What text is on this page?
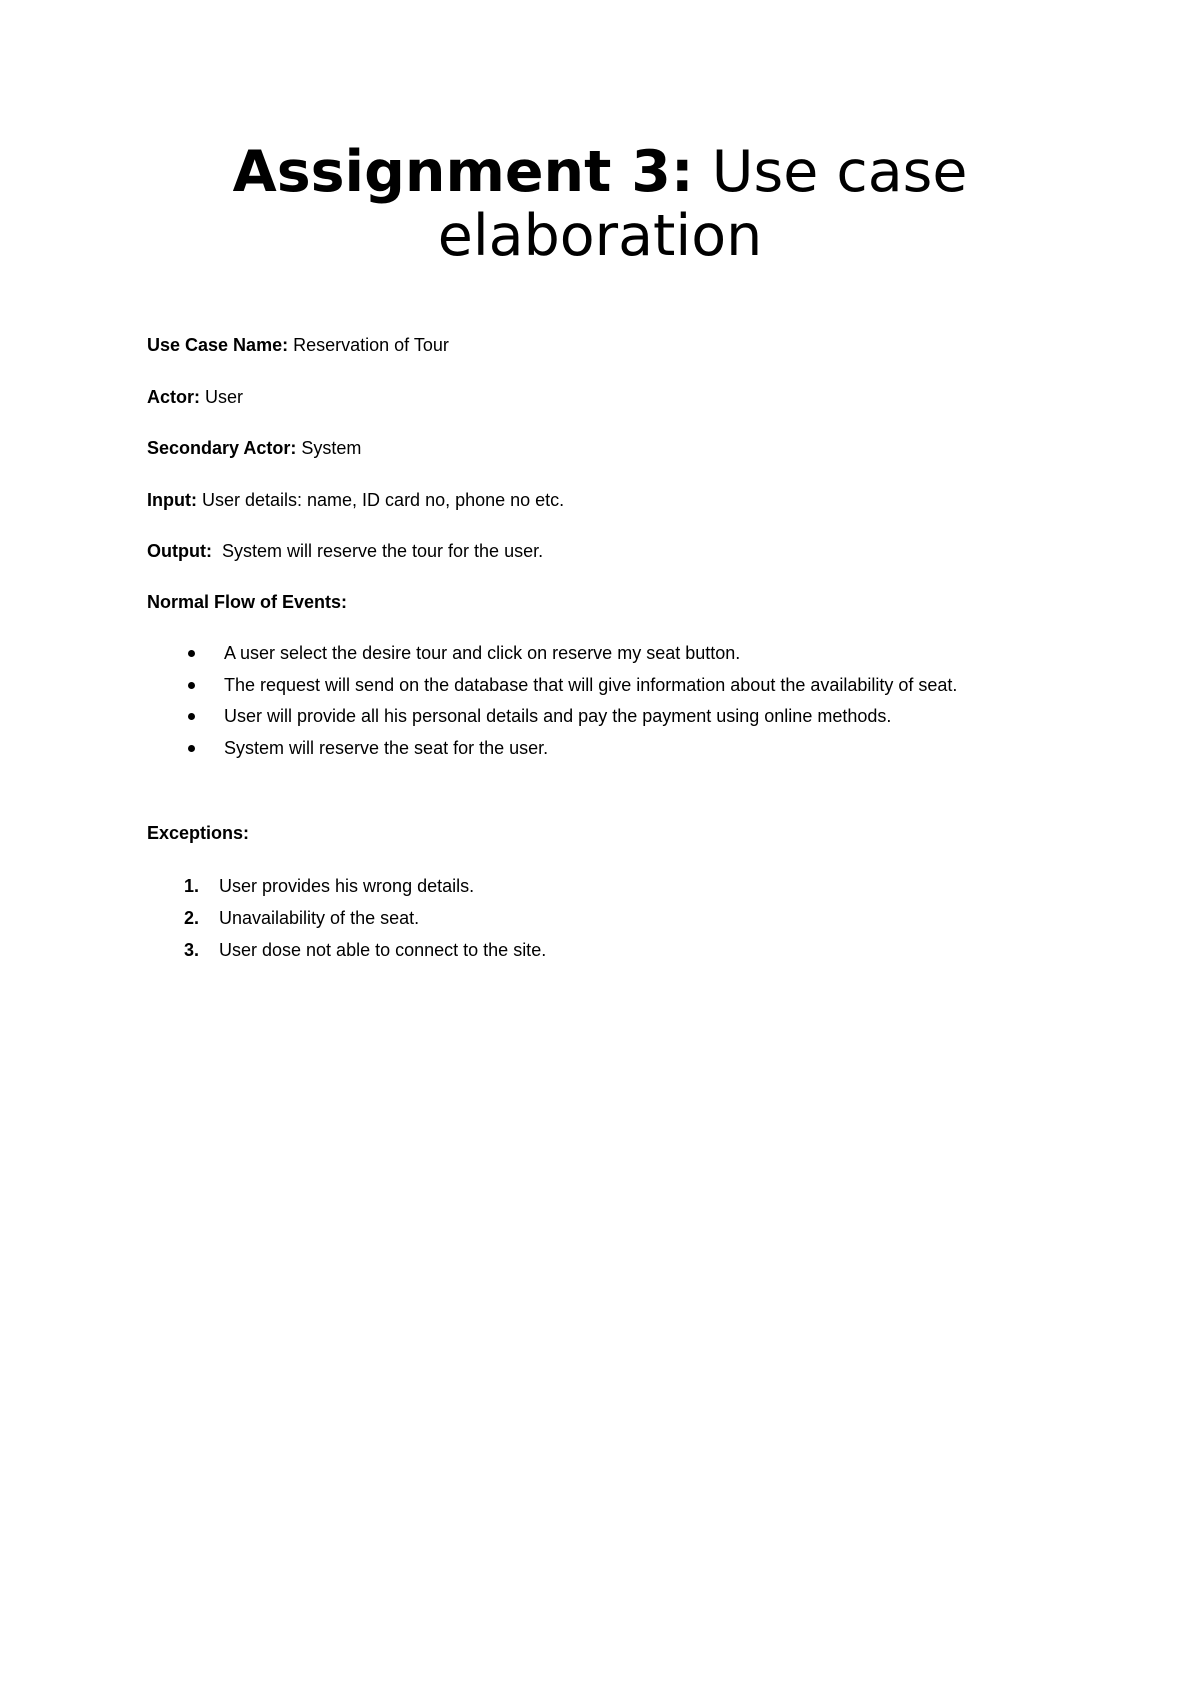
Assignment 3: Use case
elaboration

Use Case Name: Reservation of Tour

Actor: User

Secondary Actor: System

Input: User details: name, ID card no, phone no etc.

Output:  System will reserve the tour for the user.

Normal Flow of Events:

A user select the desire tour and click on reserve my seat button.
The request will send on the database that will give information about the availability of seat.
User will provide all his personal details and pay the payment using online methods.
System will reserve the seat for the user.

Exceptions:

1. User provides his wrong details.
2. Unavailability of the seat.
3. User dose not able to connect to the site.
